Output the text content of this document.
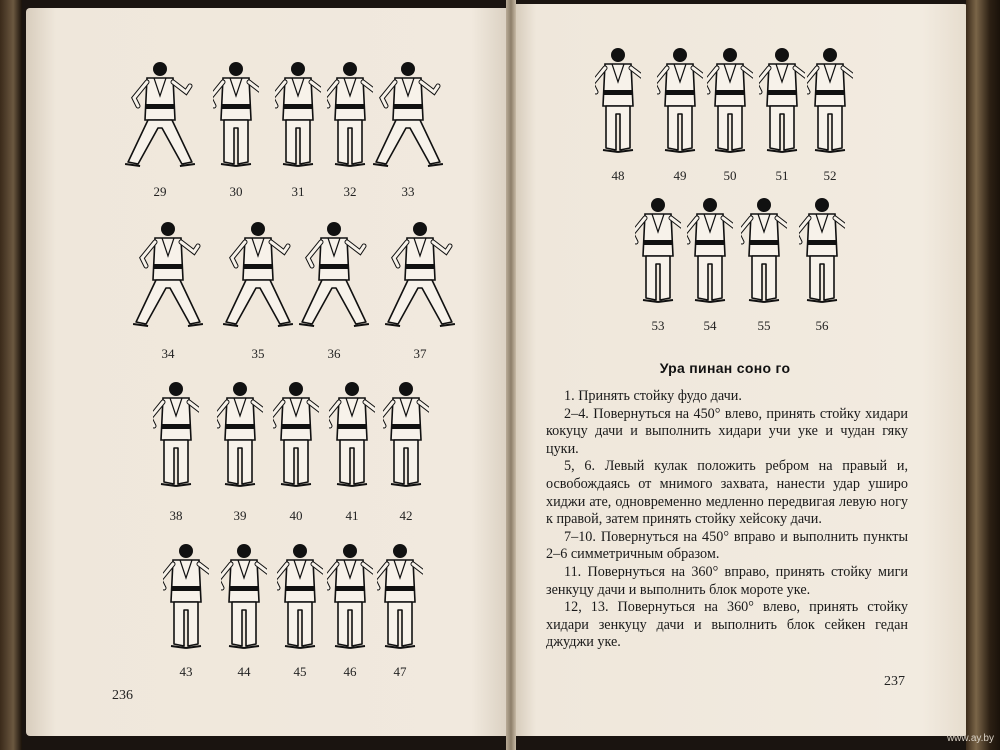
29	30	31	32	33
34	35	36	37
38	39	40	41	42
43	44	45	46	47
48	49	50	51	52
53	54	55	56
236
237
Ура пинан соно го

1. Принять стойку фудо дачи.

2–4. Повернуться на 450° влево, принять стойку хидари кокуцу дачи и выполнить хидари учи уке и чудан гяку цуки.

5, 6. Левый кулак положить ребром на правый и, освобождаясь от мнимого захвата, нанести удар уширо хиджи ате, одновременно медленно передвигая левую ногу к правой, затем принять стойку хейсоку дачи.

7–10. Повернуться на 450° вправо и выполнить пункты 2–6 симметричным образом.

11. Повернуться на 360° вправо, принять стойку миги зенкуцу дачи и выполнить блок мороте уке.

12, 13. Повернуться на 360° влево, принять стойку хидари зенкуцу дачи и выполнить блок сейкен гедан джуджи уке.

www.ay.by
